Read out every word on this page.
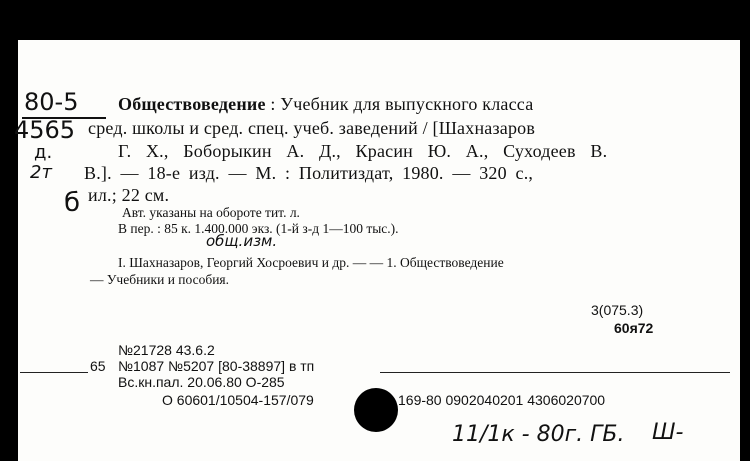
80-5
4565
д.
2т
б
Обществоведение : Учебник для выпускного класса
сред. школы и сред. спец. учеб. заведений / [Шахназаров
Г. Х., Боборыкин А. Д., Красин Ю. А., Суходеев В.
В.]. — 18-е изд. — М. : Политиздат, 1980. — 320 с.,
ил.; 22 см.
Авт. указаны на обороте тит. л.
В пер. : 85 к. 1.400.000 экз. (1-й з-д 1—100 тыс.).
общ.изм.
I. Шахназаров, Георгий Хосроевич и др. — — 1. Обществоведение
— Учебники и пособия.
3(075.3)
60я72
№21728 43.6.2
65 №1087 №5207 [80-38897] в тп
Вс.кн.пал. 20.06.80 О-285
О 60601/10504-157/079	169-80 0902040201 4306020700
11/1к - 80г. ГБ. Ш-
